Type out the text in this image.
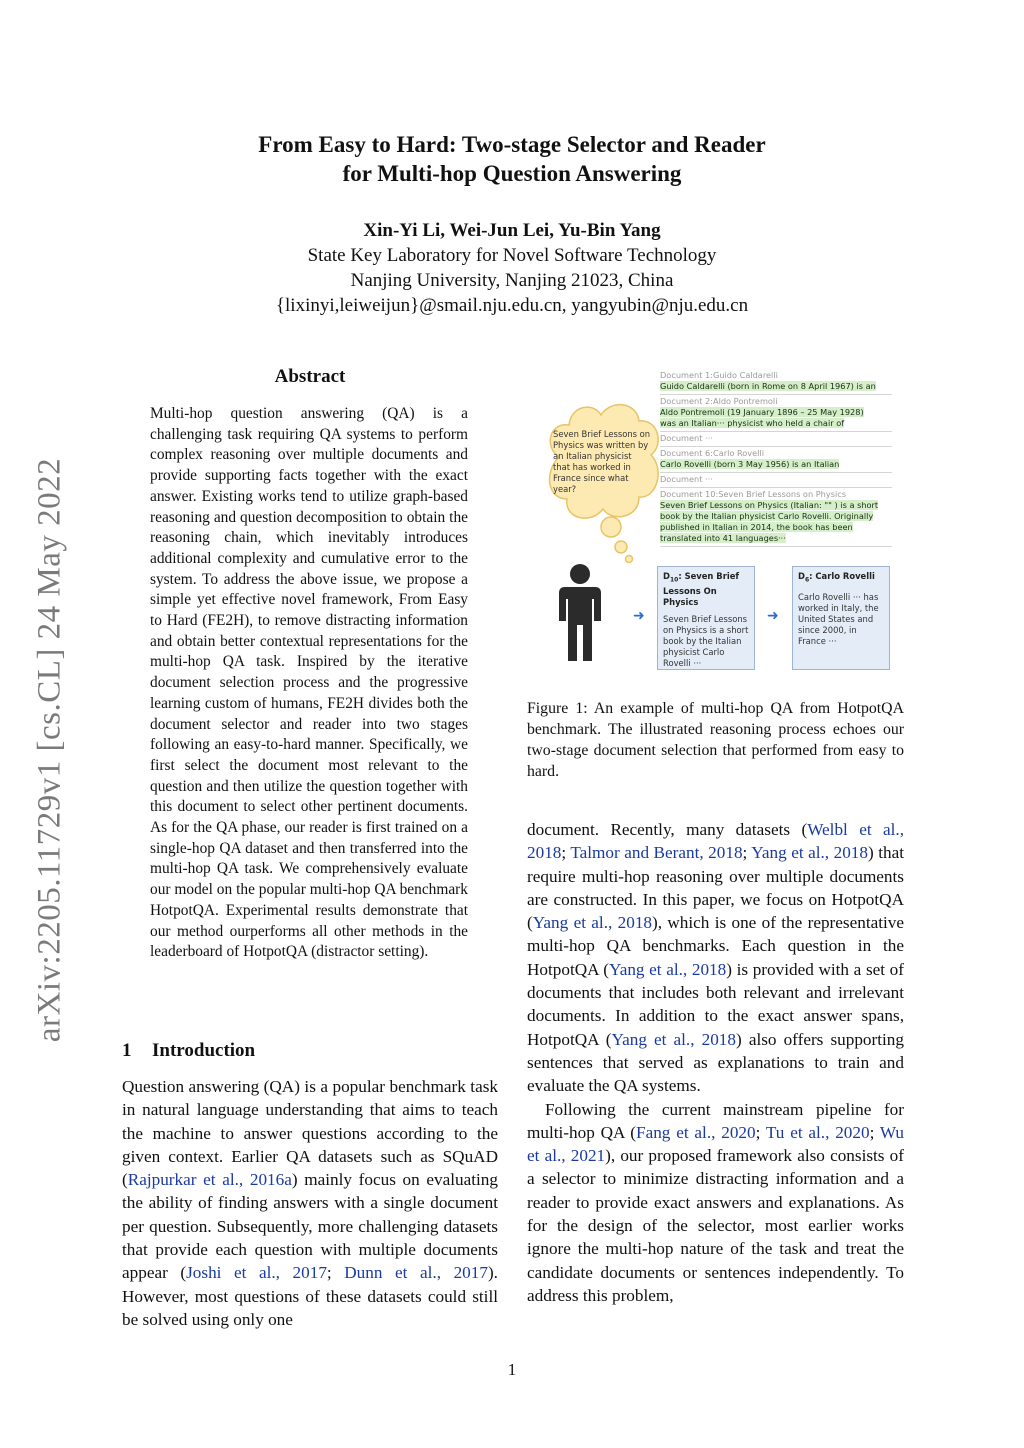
arXiv:2205.11729v1 [cs.CL] 24 May 2022
From Easy to Hard: Two-stage Selector and Reader
for Multi-hop Question Answering
Xin-Yi Li, Wei-Jun Lei, Yu-Bin Yang
State Key Laboratory for Novel Software Technology
Nanjing University, Nanjing 21023, China
{lixinyi,leiweijun}@smail.nju.edu.cn, yangyubin@nju.edu.cn
Abstract
Multi-hop question answering (QA) is a challenging task requiring QA systems to perform complex reasoning over multiple documents and provide supporting facts together with the exact answer. Existing works tend to utilize graph-based reasoning and question decomposition to obtain the reasoning chain, which inevitably introduces additional complexity and cumulative error to the system. To address the above issue, we propose a simple yet effective novel framework, From Easy to Hard (FE2H), to remove distracting information and obtain better contextual representations for the multi-hop QA task. Inspired by the iterative document selection process and the progressive learning custom of humans, FE2H divides both the document selector and reader into two stages following an easy-to-hard manner. Specifically, we first select the document most relevant to the question and then utilize the question together with this document to select other pertinent documents. As for the QA phase, our reader is first trained on a single-hop QA dataset and then transferred into the multi-hop QA task. We comprehensively evaluate our model on the popular multi-hop QA benchmark HotpotQA. Experimental results demonstrate that our method ourperforms all other methods in the leaderboard of HotpotQA (distractor setting).
1 Introduction

Question answering (QA) is a popular benchmark task in natural language understanding that aims to teach the machine to answer questions according to the given context. Earlier QA datasets such as SQuAD (Rajpurkar et al., 2016a) mainly focus on evaluating the ability of finding answers with a single document per question. Subsequently, more challenging datasets that provide each question with multiple documents appear (Joshi et al., 2017; Dunn et al., 2017). However, most questions of these datasets could still be solved using only one

Seven Brief Lessons on Physics was written by an Italian physicist that has worked in France since what year?
Document 1:Guido Caldarelli
Guido Caldarelli (born in Rome on 8 April 1967) is an
Document 2:Aldo Pontremoli
Aldo Pontremoli (19 January 1896 – 25 May 1928)
was an Italian··· physicist who held a chair of
Document ···
Document 6:Carlo Rovelli
Carlo Rovelli (born 3 May 1956) is an Italian
Document ···
Document 10:Seven Brief Lessons on Physics
Seven Brief Lessons on Physics (Italian: "" ) is a short
book by the Italian physicist Carlo Rovelli. Originally
published in Italian in 2014, the book has been
translated into 41 languages···
➜
$D_{10}$: Seven Brief Lessons On Physics
Seven Brief Lessons on Physics is a short book by the Italian physicist Carlo Rovelli ···
➜
$D_6$: Carlo Rovelli
Carlo Rovelli ··· has worked in Italy, the United States and since 2000, in France ···
Figure 1: An example of multi-hop QA from HotpotQA benchmark. The illustrated reasoning process echoes our two-stage document selection that performed from easy to hard.

document. Recently, many datasets (Welbl et al., 2018; Talmor and Berant, 2018; Yang et al., 2018) that require multi-hop reasoning over multiple documents are constructed. In this paper, we focus on HotpotQA (Yang et al., 2018), which is one of the representative multi-hop QA benchmarks. Each question in the HotpotQA (Yang et al., 2018) is provided with a set of documents that includes both relevant and irrelevant documents. In addition to the exact answer spans, HotpotQA (Yang et al., 2018) also offers supporting sentences that served as explanations to train and evaluate the QA systems.

Following the current mainstream pipeline for multi-hop QA (Fang et al., 2020; Tu et al., 2020; Wu et al., 2021), our proposed framework also consists of a selector to minimize distracting information and a reader to provide exact answers and explanations. As for the design of the selector, most earlier works ignore the multi-hop nature of the task and treat the candidate documents or sentences independently. To address this problem,

1
